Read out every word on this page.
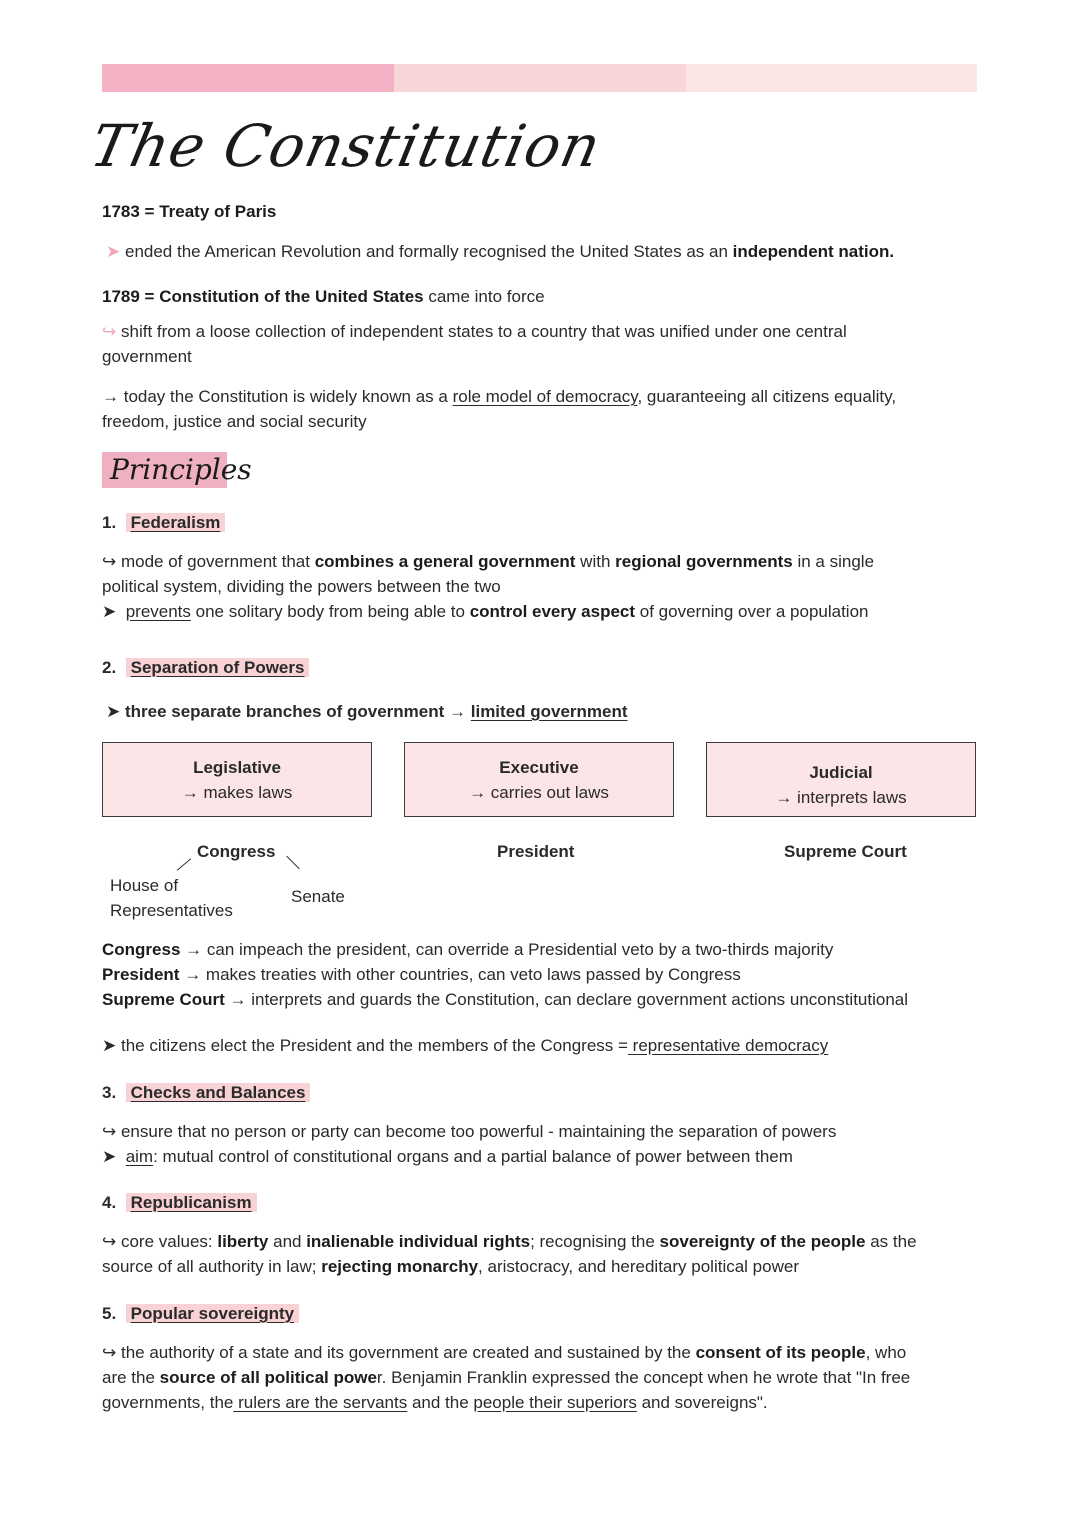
The Constitution
1783 = Treaty of Paris
➤ ended the American Revolution and formally recognised the United States as an independent nation.
1789 = Constitution of the United States came into force
↪ shift from a loose collection of independent states to a country that was unified under one central
government
→ today the Constitution is widely known as a role model of democracy, guaranteeing all citizens equality,
freedom, justice and social security
Principles
1. Federalism
↪ mode of government that combines a general government with regional governments in a single
political system, dividing the powers between the two
➤ prevents one solitary body from being able to control every aspect of governing over a population
2. Separation of Powers
➤ three separate branches of government → limited government
Legislative
→ makes laws
Executive
→ carries out laws
Judicial
→ interprets laws
Congress
House of
Representatives
Senate
President	Supreme Court
Congress → can impeach the president, can override a Presidential veto by a two-thirds majority
President → makes treaties with other countries, can veto laws passed by Congress
Supreme Court → interprets and guards the Constitution, can declare government actions unconstitutional
➤ the citizens elect the President and the members of the Congress = representative democracy
3. Checks and Balances
↪ ensure that no person or party can become too powerful - maintaining the separation of powers
➤ aim: mutual control of constitutional organs and a partial balance of power between them
4. Republicanism
↪ core values: liberty and inalienable individual rights; recognising the sovereignty of the people as the
source of all authority in law; rejecting monarchy, aristocracy, and hereditary political power
5. Popular sovereignty
↪ the authority of a state and its government are created and sustained by the consent of its people, who
are the source of all political power. Benjamin Franklin expressed the concept when he wrote that "In free
governments, the rulers are the servants and the people their superiors and sovereigns".
